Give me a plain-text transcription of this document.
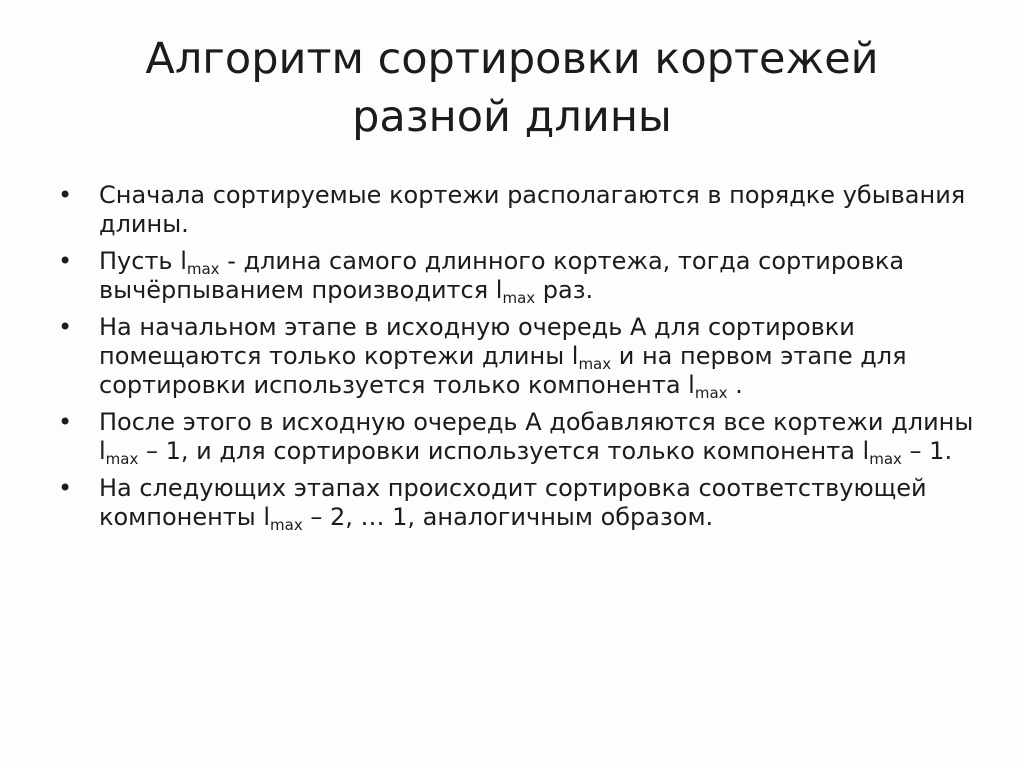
Алгоритм сортировки кортежей
разной длины
• Сначала сортируемые кортежи располагаются в порядке убывания длины.
• Пусть $l_{max}$ - длина самого длинного кортежа, тогда сортировка вычёрпыванием производится $l_{max}$ раз.
• На начальном этапе в исходную очередь А для сортировки помещаются только кортежи длины $l_{max}$ и на первом этапе для сортировки используется только компонента $l_{max}$ .
• После этого в исходную очередь А добавляются все кортежи длины $l_{max} - 1$, и для сортировки используется только компонента $l_{max} - 1$.
• На следующих этапах происходит сортировка соответствующей компоненты $l_{max} - 2$, … 1, аналогичным образом.
